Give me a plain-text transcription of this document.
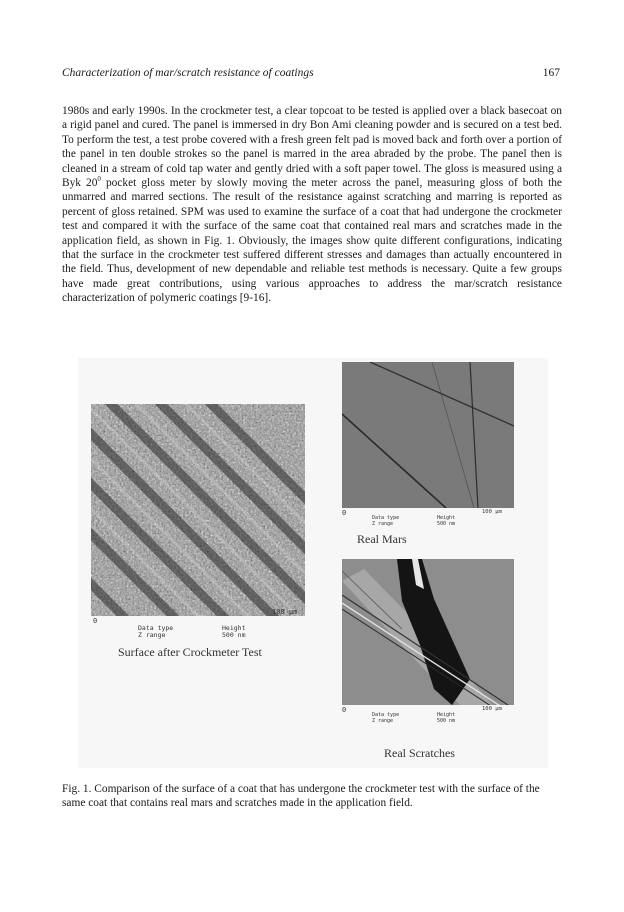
Characterization of mar/scratch resistance of coatings	167

1980s and early 1990s. In the crockmeter test, a clear topcoat to be tested is applied over a black basecoat on a rigid panel and cured. The panel is immersed in dry Bon Ami cleaning powder and is secured on a test bed. To perform the test, a test probe covered with a fresh green felt pad is moved back and forth over a portion of the panel in ten double strokes so the panel is marred in the area abraded by the probe. The panel then is cleaned in a stream of cold tap water and gently dried with a soft paper towel. The gloss is measured using a Byk $20^0$ pocket gloss meter by slowly moving the meter across the panel, measuring gloss of both the unmarred and marred sections. The result of the resistance against scratching and marring is reported as percent of gloss retained. SPM was used to examine the surface of a coat that had undergone the crockmeter test and compared it with the surface of the same coat that contained real mars and scratches made in the application field, as shown in Fig. 1. Obviously, the images show quite different configurations, indicating that the surface in the crockmeter test suffered different stresses and damages than actually encountered in the field. Thus, development of new dependable and reliable test methods is necessary. Quite a few groups have made great contributions, using various approaches to address the mar/scratch resistance characterization of polymeric coatings [9-16].

0
100 µm
Data type
Z range
Height
500 nm
Surface after Crockmeter Test
0	100 µm
Data type
Z range
Height
500 nm
Real Mars
0	100 µm
Data type
Z range
Height
500 nm
Real Scratches

Fig. 1. Comparison of the surface of a coat that has undergone the crockmeter test with the surface of the same coat that contains real mars and scratches made in the application field.
